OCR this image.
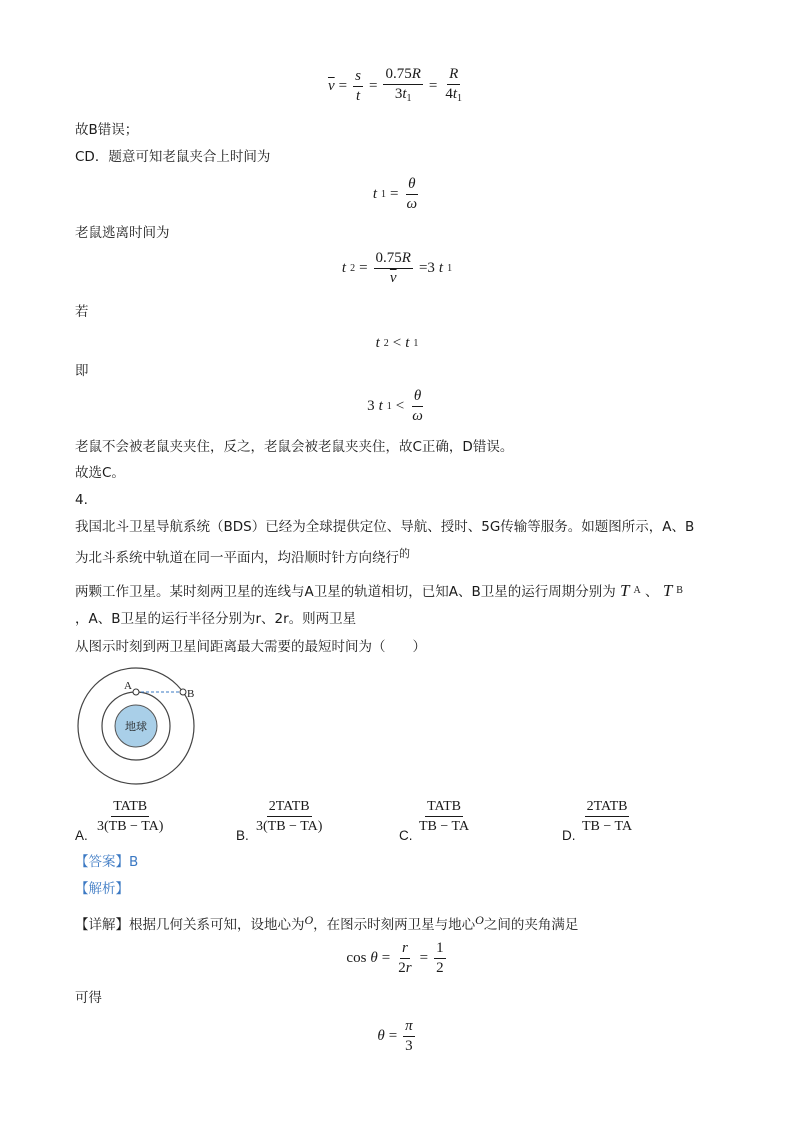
$\overline{v} = \frac{s}{t} = \frac{0.75R}{3t_1} = \frac{R}{4t_1}$
故B错误；
CD．题意可知老鼠夹合上时间为
t $1 = \frac{\theta}{\omega}$
老鼠逃离时间为
t $2 = \frac{0.75R}{v} =3$ t 1
若
t 2 < t 1
即
3 t $1 < \frac{\theta}{\omega}$
老鼠不会被老鼠夹夹住，反之，老鼠会被老鼠夹夹住，故C正确，D错误。
故选C。
4.
我国北斗卫星导航系统（BDS）已经为全球提供定位、导航、授时、5G传输等服务。如题图所示，A、B
为北斗系统中轨道在同一平面内，均沿顺时针方向绕行$^的$
两颗工作卫星。某时刻两卫星的连线与A卫星的轨道相切，已知A、B卫星的运行周期分别为 T A 、 T B
，A、B卫星的运行半径分别为r、2r。则两卫星
从图示时刻到两卫星间距离最大需要的最短时间为（　　）
地球
A
B
A.
TATB
3(TB − TA)
B.
2TATB
3(TB − TA)
C.
TATB
TB − TA
D.
2TATB
TB − TA
【答案】B
【解析】
【详解】根据几何关系可知，设地心为 O ，在图示时刻两卫星与地心 O 之间的夹角满足
$\cos \theta = \frac{r}{2r} = \frac{1}{2}$
可得
$\theta = \frac{\pi}{3}$
